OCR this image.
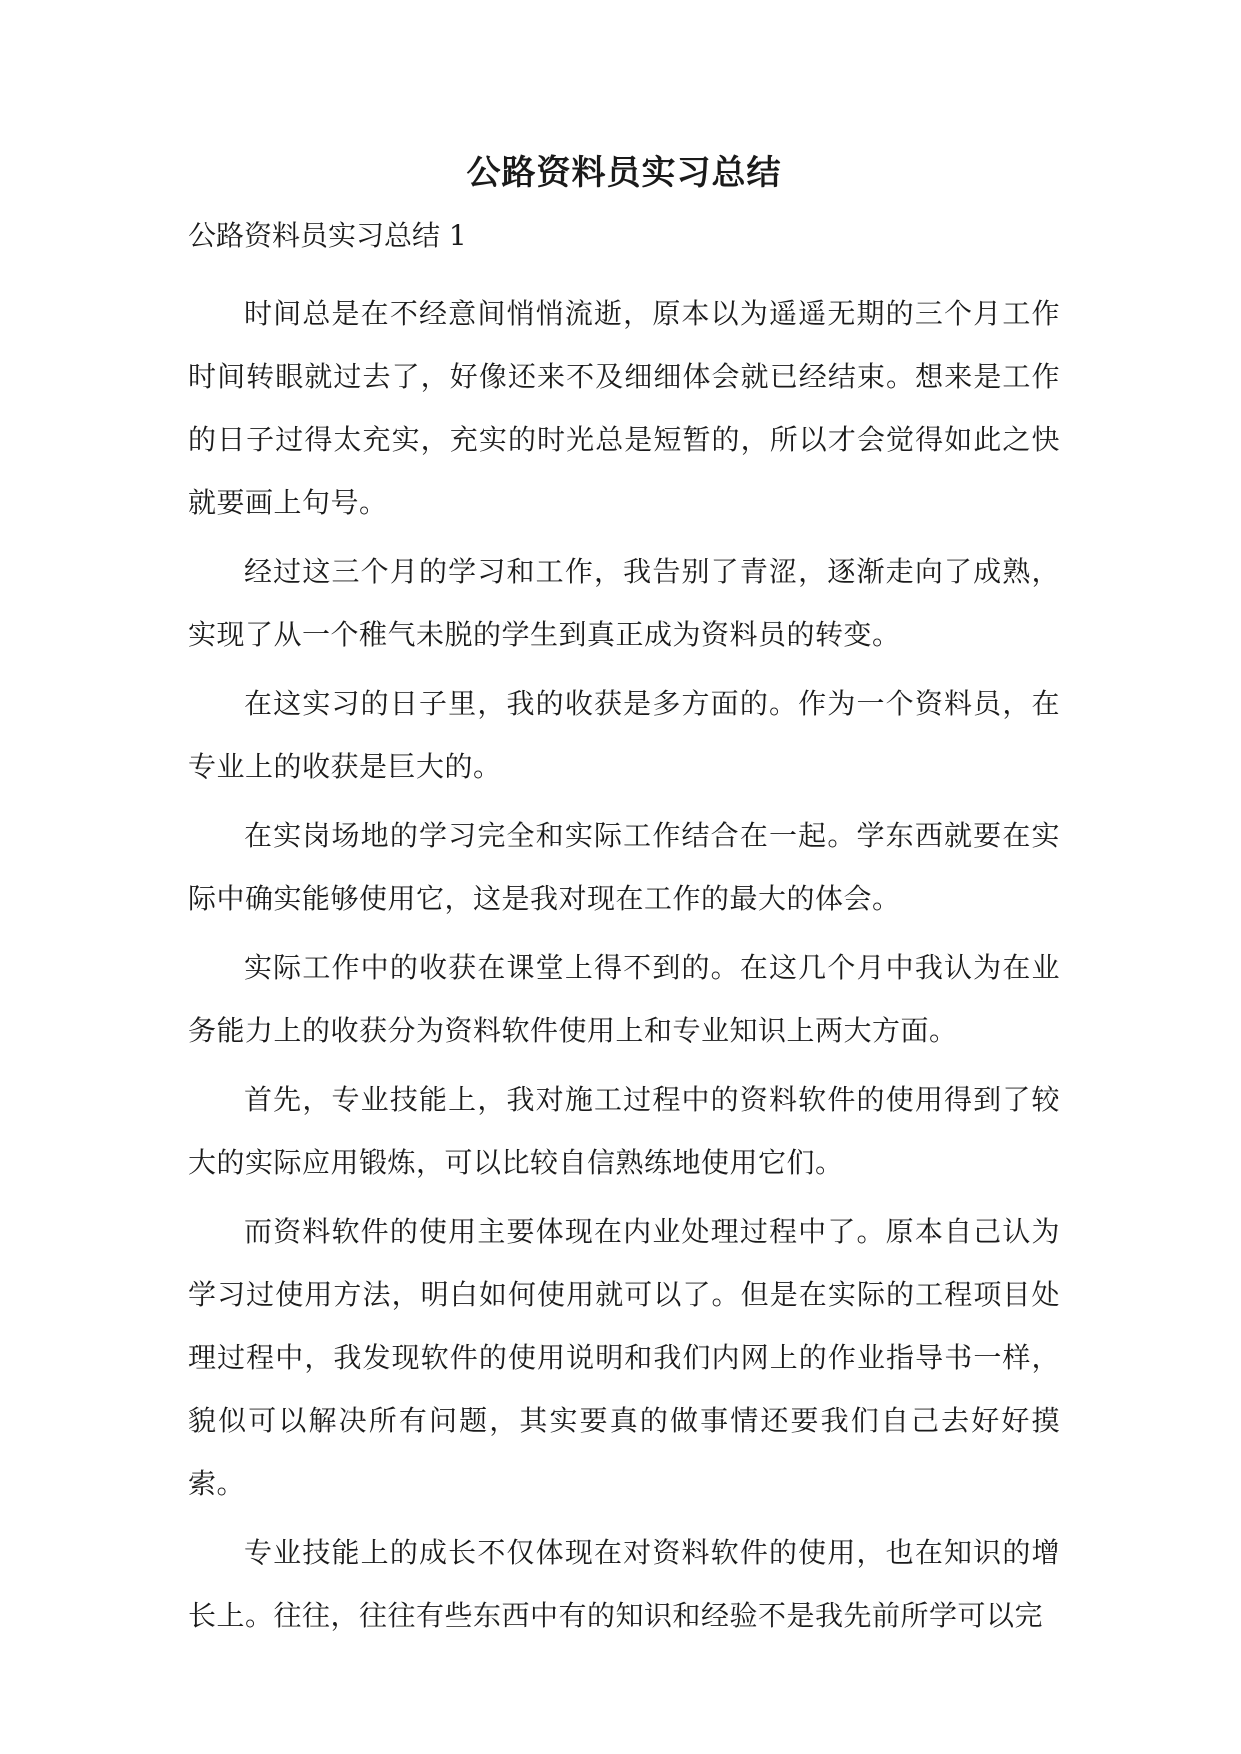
公路资料员实习总结
公路资料员实习总结 1

时间总是在不经意间悄悄流逝，原本以为遥遥无期的三个月工作时间转眼就过去了，好像还来不及细细体会就已经结束。想来是工作的日子过得太充实，充实的时光总是短暂的，所以才会觉得如此之快就要画上句号。

经过这三个月的学习和工作，我告别了青涩，逐渐走向了成熟，实现了从一个稚气未脱的学生到真正成为资料员的转变。

在这实习的日子里，我的收获是多方面的。作为一个资料员，在专业上的收获是巨大的。

在实岗场地的学习完全和实际工作结合在一起。学东西就要在实际中确实能够使用它，这是我对现在工作的最大的体会。

实际工作中的收获在课堂上得不到的。在这几个月中我认为在业务能力上的收获分为资料软件使用上和专业知识上两大方面。

首先，专业技能上，我对施工过程中的资料软件的使用得到了较大的实际应用锻炼，可以比较自信熟练地使用它们。

而资料软件的使用主要体现在内业处理过程中了。原本自己认为学习过使用方法，明白如何使用就可以了。但是在实际的工程项目处理过程中，我发现软件的使用说明和我们内网上的作业指导书一样，貌似可以解决所有问题，其实要真的做事情还要我们自己去好好摸索。

专业技能上的成长不仅体现在对资料软件的使用，也在知识的增长上。往往，往往有些东西中有的知识和经验不是我先前所学可以完
